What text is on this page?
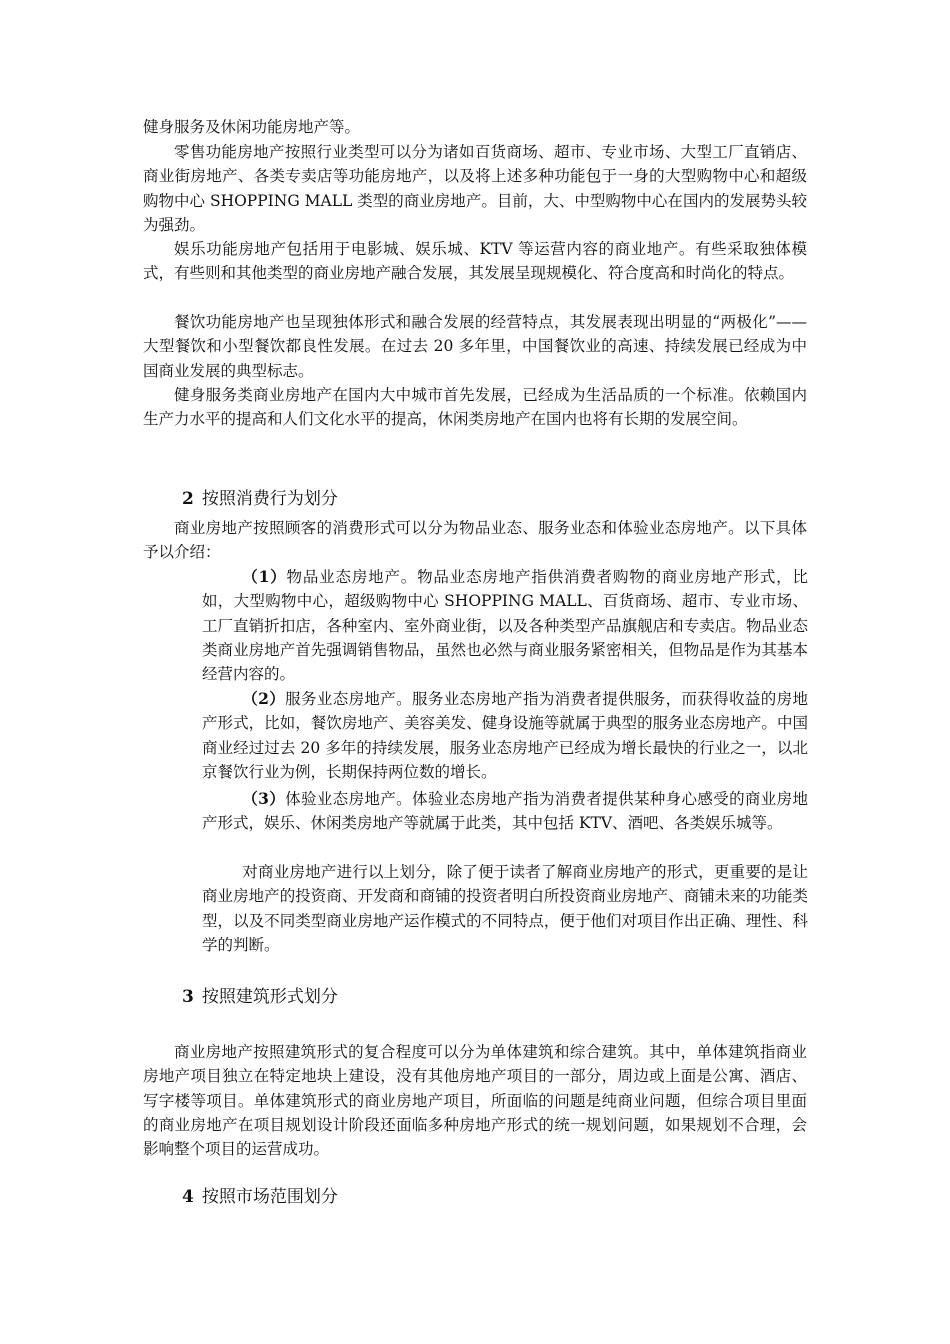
健身服务及休闲功能房地产等。

零售功能房地产按照行业类型可以分为诸如百货商场、超市、专业市场、大型工厂直销店、商业街房地产、各类专卖店等功能房地产，以及将上述多种功能包于一身的大型购物中心和超级购物中心 SHOPPING MALL 类型的商业房地产。目前，大、中型购物中心在国内的发展势头较为强劲。

娱乐功能房地产包括用于电影城、娱乐城、KTV 等运营内容的商业地产。有些采取独体模式，有些则和其他类型的商业房地产融合发展，其发展呈现规模化、符合度高和时尚化的特点。

餐饮功能房地产也呈现独体形式和融合发展的经营特点，其发展表现出明显的“两极化”——大型餐饮和小型餐饮都良性发展。在过去 20 多年里，中国餐饮业的高速、持续发展已经成为中国商业发展的典型标志。

健身服务类商业房地产在国内大中城市首先发展，已经成为生活品质的一个标准。依赖国内生产力水平的提高和人们文化水平的提高，休闲类房地产在国内也将有长期的发展空间。

2 按照消费行为划分

商业房地产按照顾客的消费形式可以分为物品业态、服务业态和体验业态房地产。以下具体予以介绍：

（1）物品业态房地产。物品业态房地产指供消费者购物的商业房地产形式，比如，大型购物中心，超级购物中心 SHOPPING MALL、百货商场、超市、专业市场、工厂直销折扣店，各种室内、室外商业街，以及各种类型产品旗舰店和专卖店。物品业态类商业房地产首先强调销售物品，虽然也必然与商业服务紧密相关，但物品是作为其基本经营内容的。

（2）服务业态房地产。服务业态房地产指为消费者提供服务，而获得收益的房地产形式，比如，餐饮房地产、美容美发、健身设施等就属于典型的服务业态房地产。中国商业经过过去 20 多年的持续发展，服务业态房地产已经成为增长最快的行业之一，以北京餐饮行业为例，长期保持两位数的增长。

（3）体验业态房地产。体验业态房地产指为消费者提供某种身心感受的商业房地产形式，娱乐、休闲类房地产等就属于此类，其中包括 KTV、酒吧、各类娱乐城等。

对商业房地产进行以上划分，除了便于读者了解商业房地产的形式，更重要的是让商业房地产的投资商、开发商和商铺的投资者明白所投资商业房地产、商铺未来的功能类型，以及不同类型商业房地产运作模式的不同特点，便于他们对项目作出正确、理性、科学的判断。

3 按照建筑形式划分

商业房地产按照建筑形式的复合程度可以分为单体建筑和综合建筑。其中，单体建筑指商业房地产项目独立在特定地块上建设，没有其他房地产项目的一部分，周边或上面是公寓、酒店、写字楼等项目。单体建筑形式的商业房地产项目，所面临的问题是纯商业问题，但综合项目里面的商业房地产在项目规划设计阶段还面临多种房地产形式的统一规划问题，如果规划不合理，会影响整个项目的运营成功。

4 按照市场范围划分
